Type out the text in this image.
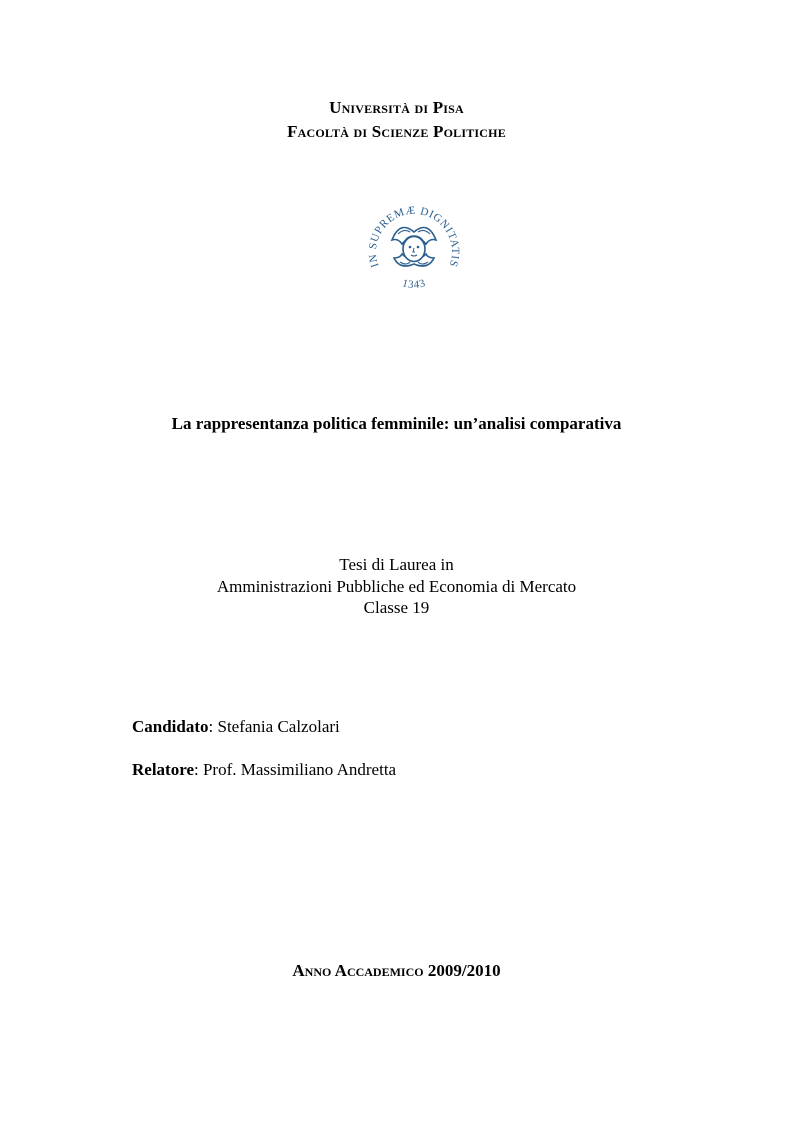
Università di Pisa
Facoltà di Scienze Politiche
IN SUPREMÆ DIGNITATIS
1343
La rappresentanza politica femminile: un’analisi comparativa
Tesi di Laurea in
Amministrazioni Pubbliche ed Economia di Mercato
Classe 19
Candidato: Stefania Calzolari
Relatore: Prof. Massimiliano Andretta
Anno Accademico 2009/2010
